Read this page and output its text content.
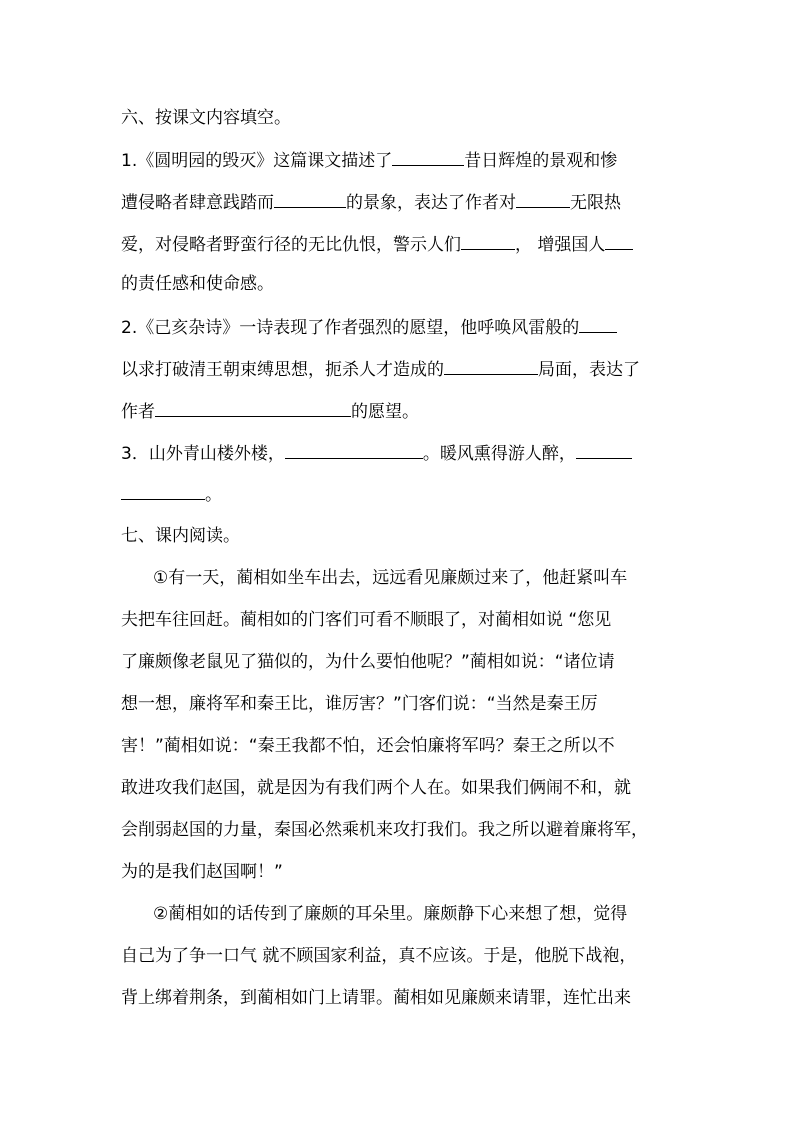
六、按课文内容填空。

1.《圆明园的毁灭》这篇课文描述了	昔日辉煌的景观和惨

遭侵略者肆意践踏而	的景象，表达了作者对	无限热

爱，对侵略者野蛮行径的无比仇恨，警示人们	， 增强国人

的责任感和使命感。

2.《己亥杂诗》一诗表现了作者强烈的愿望，他呼唤风雷般的

以求打破清王朝束缚思想，扼杀人才造成的	局面，表达了

作者	的愿望。

3．山外青山楼外楼，	。暖风熏得游人醉，

。

七、课内阅读。

①有一天，蔺相如坐车出去，远远看见廉颇过来了，他赶紧叫车

夫把车往回赶。蔺相如的门客们可看不顺眼了，对蔺相如说 “您见

了廉颇像老鼠见了猫似的，为什么要怕他呢？”蔺相如说：“诸位请

想一想，廉将军和秦王比，谁厉害？”门客们说：“当然是秦王厉

害！”蔺相如说：“秦王我都不怕，还会怕廉将军吗？秦王之所以不

敢进攻我们赵国，就是因为有我们两个人在。如果我们俩闹不和，就

会削弱赵国的力量，秦国必然乘机来攻打我们。我之所以避着廉将军，

为的是我们赵国啊！”

②蔺相如的话传到了廉颇的耳朵里。廉颇静下心来想了想，觉得

自己为了争一口气 就不顾国家利益，真不应该。于是，他脱下战袍，

背上绑着荆条，到蔺相如门上请罪。蔺相如见廉颇来请罪，连忙出来
